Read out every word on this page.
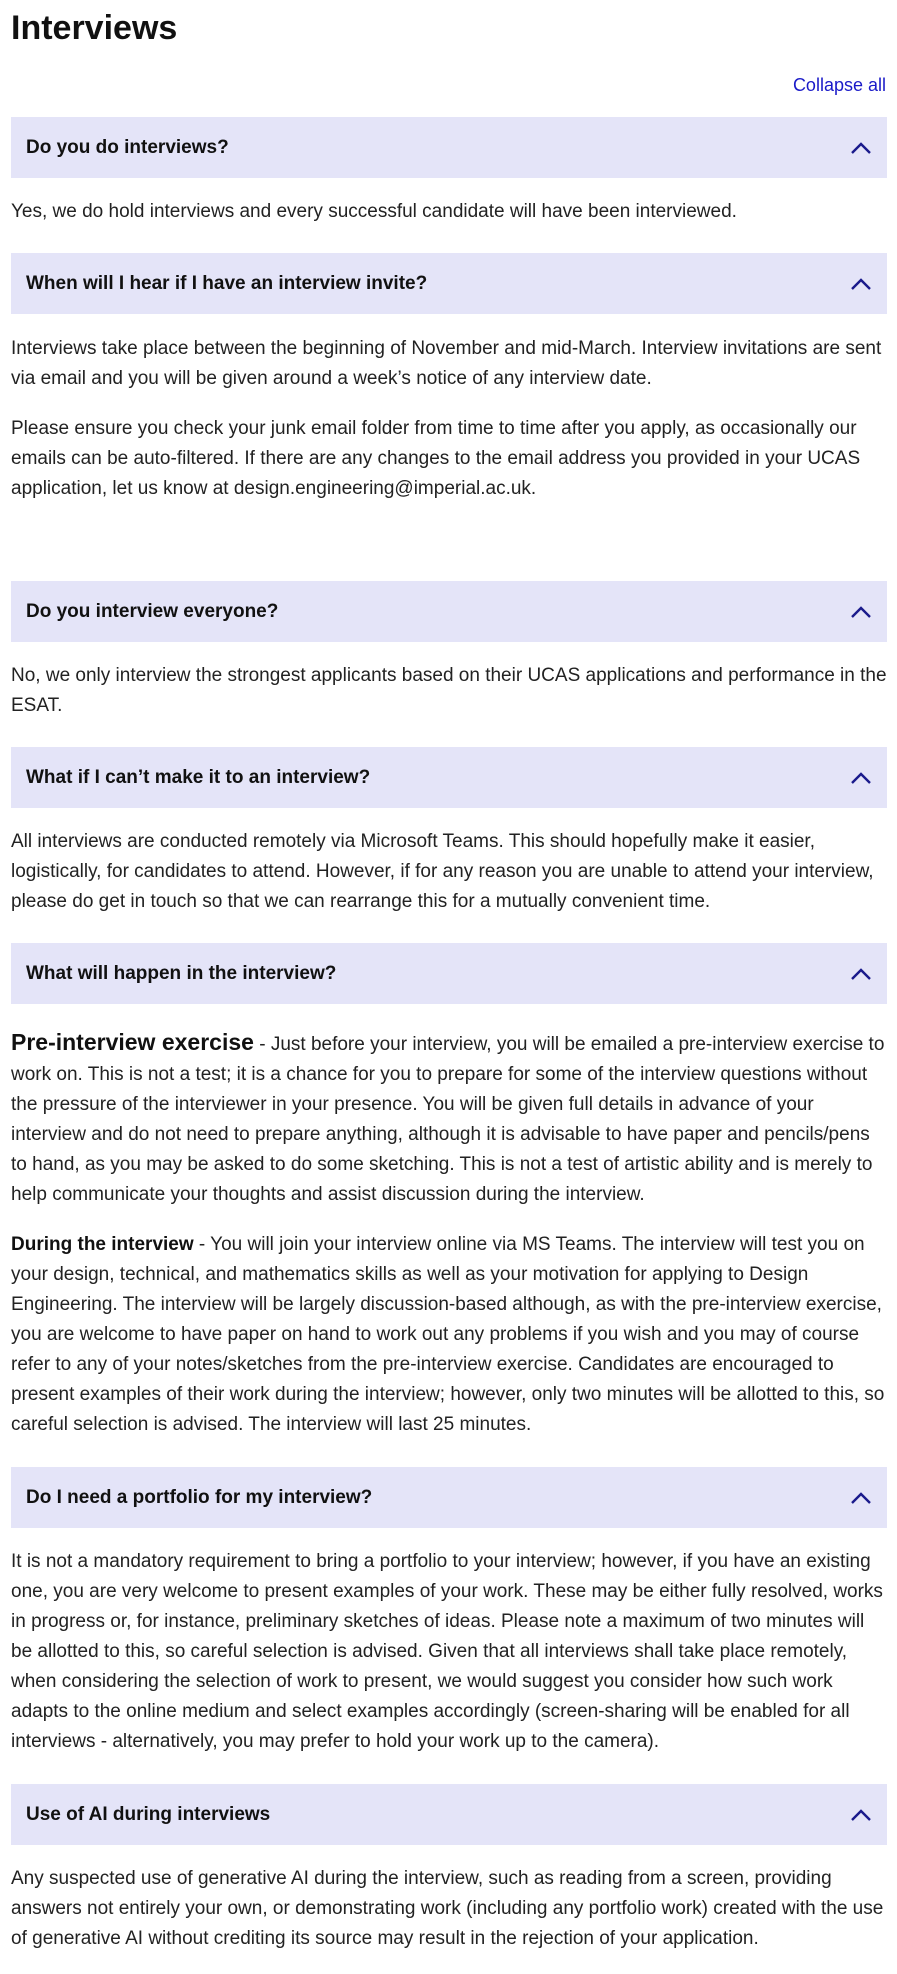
Interviews
Collapse all
Do you do interviews?

Yes, we do hold interviews and every successful candidate will have been interviewed.

When will I hear if I have an interview invite?

Interviews take place between the beginning of November and mid-March. Interview invitations are sent via email and you will be given around a week’s notice of any interview date.

Please ensure you check your junk email folder from time to time after you apply, as occasionally our emails can be auto-filtered. If there are any changes to the email address you provided in your UCAS application, let us know at design.engineering@imperial.ac.uk.

Do you interview everyone?

No, we only interview the strongest applicants based on their UCAS applications and performance in the ESAT.

What if I can’t make it to an interview?

All interviews are conducted remotely via Microsoft Teams. This should hopefully make it easier, logistically, for candidates to attend. However, if for any reason you are unable to attend your interview, please do get in touch so that we can rearrange this for a mutually convenient time.

What will happen in the interview?

Pre-interview exercise - Just before your interview, you will be emailed a pre-interview exercise to work on. This is not a test; it is a chance for you to prepare for some of the interview questions without the pressure of the interviewer in your presence. You will be given full details in advance of your interview and do not need to prepare anything, although it is advisable to have paper and pencils/pens to hand, as you may be asked to do some sketching. This is not a test of artistic ability and is merely to help communicate your thoughts and assist discussion during the interview.

During the interview - You will join your interview online via MS Teams. The interview will test you on your design, technical, and mathematics skills as well as your motivation for applying to Design Engineering. The interview will be largely discussion-based although, as with the pre-interview exercise, you are welcome to have paper on hand to work out any problems if you wish and you may of course refer to any of your notes/sketches from the pre-interview exercise. Candidates are encouraged to present examples of their work during the interview; however, only two minutes will be allotted to this, so careful selection is advised. The interview will last 25 minutes.

Do I need a portfolio for my interview?

It is not a mandatory requirement to bring a portfolio to your interview; however, if you have an existing one, you are very welcome to present examples of your work. These may be either fully resolved, works in progress or, for instance, preliminary sketches of ideas. Please note a maximum of two minutes will be allotted to this, so careful selection is advised. Given that all interviews shall take place remotely, when considering the selection of work to present, we would suggest you consider how such work adapts to the online medium and select examples accordingly (screen-sharing will be enabled for all interviews - alternatively, you may prefer to hold your work up to the camera).

Use of AI during interviews

Any suspected use of generative AI during the interview, such as reading from a screen, providing answers not entirely your own, or demonstrating work (including any portfolio work) created with the use of generative AI without crediting its source may result in the rejection of your application.
